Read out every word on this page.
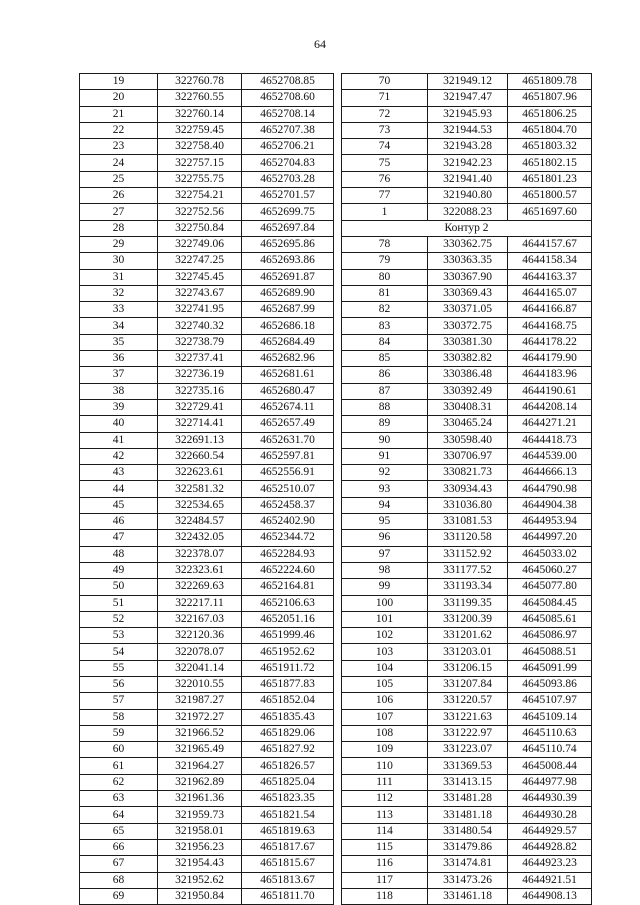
64
19	322760.78	4652708.85
20	322760.55	4652708.60
21	322760.14	4652708.14
22	322759.45	4652707.38
23	322758.40	4652706.21
24	322757.15	4652704.83
25	322755.75	4652703.28
26	322754.21	4652701.57
27	322752.56	4652699.75
28	322750.84	4652697.84
29	322749.06	4652695.86
30	322747.25	4652693.86
31	322745.45	4652691.87
32	322743.67	4652689.90
33	322741.95	4652687.99
34	322740.32	4652686.18
35	322738.79	4652684.49
36	322737.41	4652682.96
37	322736.19	4652681.61
38	322735.16	4652680.47
39	322729.41	4652674.11
40	322714.41	4652657.49
41	322691.13	4652631.70
42	322660.54	4652597.81
43	322623.61	4652556.91
44	322581.32	4652510.07
45	322534.65	4652458.37
46	322484.57	4652402.90
47	322432.05	4652344.72
48	322378.07	4652284.93
49	322323.61	4652224.60
50	322269.63	4652164.81
51	322217.11	4652106.63
52	322167.03	4652051.16
53	322120.36	4651999.46
54	322078.07	4651952.62
55	322041.14	4651911.72
56	322010.55	4651877.83
57	321987.27	4651852.04
58	321972.27	4651835.43
59	321966.52	4651829.06
60	321965.49	4651827.92
61	321964.27	4651826.57
62	321962.89	4651825.04
63	321961.36	4651823.35
64	321959.73	4651821.54
65	321958.01	4651819.63
66	321956.23	4651817.67
67	321954.43	4651815.67
68	321952.62	4651813.67
69	321950.84	4651811.70
70	321949.12	4651809.78
71	321947.47	4651807.96
72	321945.93	4651806.25
73	321944.53	4651804.70
74	321943.28	4651803.32
75	321942.23	4651802.15
76	321941.40	4651801.23
77	321940.80	4651800.57
1	322088.23	4651697.60
Контур 2		
78	330362.75	4644157.67
79	330363.35	4644158.34
80	330367.90	4644163.37
81	330369.43	4644165.07
82	330371.05	4644166.87
83	330372.75	4644168.75
84	330381.30	4644178.22
85	330382.82	4644179.90
86	330386.48	4644183.96
87	330392.49	4644190.61
88	330408.31	4644208.14
89	330465.24	4644271.21
90	330598.40	4644418.73
91	330706.97	4644539.00
92	330821.73	4644666.13
93	330934.43	4644790.98
94	331036.80	4644904.38
95	331081.53	4644953.94
96	331120.58	4644997.20
97	331152.92	4645033.02
98	331177.52	4645060.27
99	331193.34	4645077.80
100	331199.35	4645084.45
101	331200.39	4645085.61
102	331201.62	4645086.97
103	331203.01	4645088.51
104	331206.15	4645091.99
105	331207.84	4645093.86
106	331220.57	4645107.97
107	331221.63	4645109.14
108	331222.97	4645110.63
109	331223.07	4645110.74
110	331369.53	4645008.44
111	331413.15	4644977.98
112	331481.28	4644930.39
113	331481.18	4644930.28
114	331480.54	4644929.57
115	331479.86	4644928.82
116	331474.81	4644923.23
117	331473.26	4644921.51
118	331461.18	4644908.13
